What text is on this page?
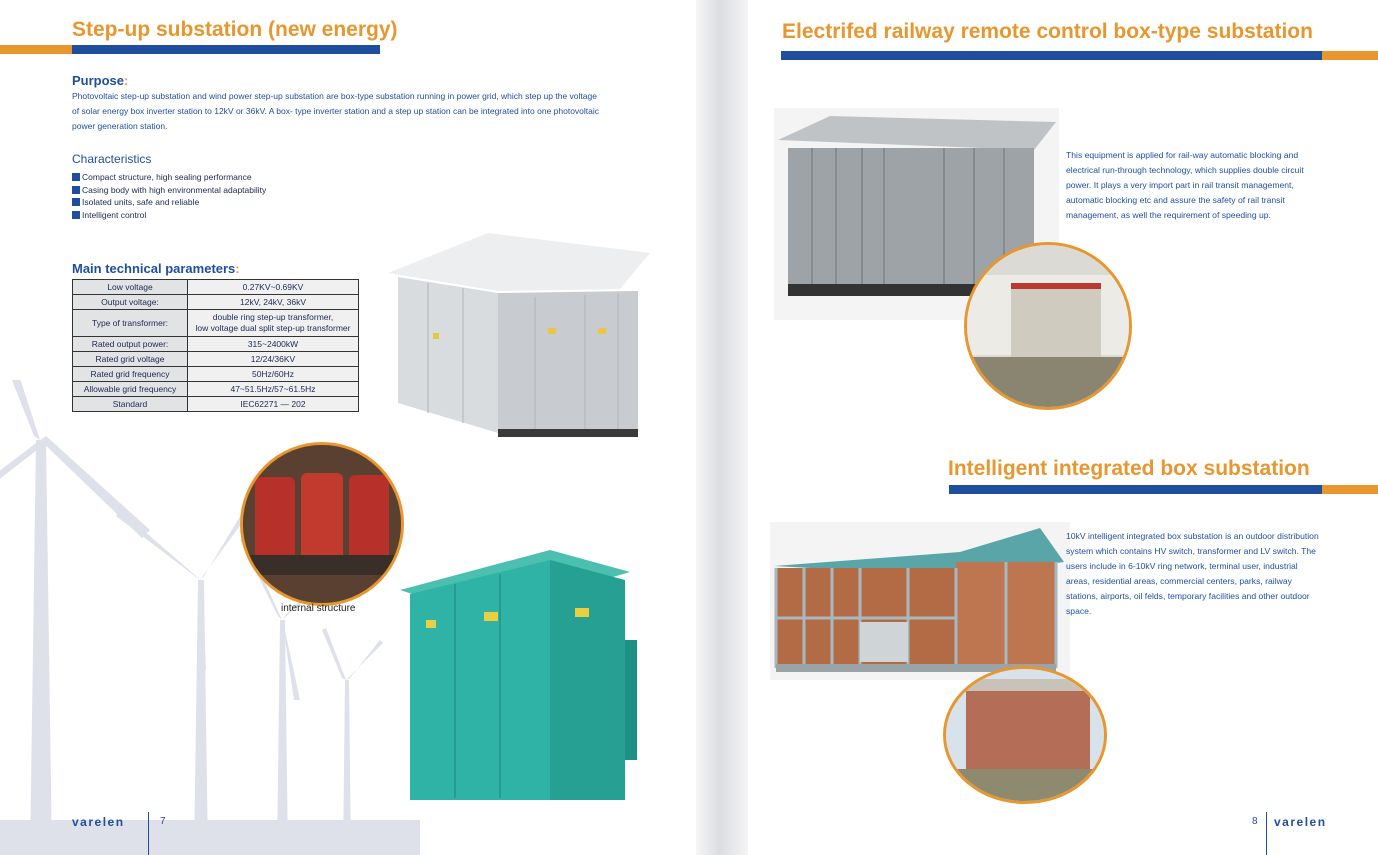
Step-up substation (new energy)
Purpose:
Photovoltaic step-up substation and wind power step-up substation are box-type substation running in power grid, which step up the voltage
of solar energy box inverter station to 12kV or 36kV. A box- type inverter station and a step up station can be integrated into one photovoltaic
power generation station.
Characteristics
Compact structure, high sealing performance
Casing body with high environmental adaptability
Isolated units, safe and reliable
Intelligent control
Main technical parameters:
Low voltage	0.27KV~0.69KV
Output voltage:	12kV, 24kV, 36kV
Type of transformer:	double ring step-up transformer,
low voltage dual split step-up transformer

Rated output power:	315~2400kW
Rated grid voltage	12/24/36KV
Rated grid frequency	50Hz/60Hz
Allowable grid frequency	47~51.5Hz/57~61.5Hz
Standard	IEC62271 — 202
internal structure
varelen	7
Electrifed railway remote control box-type substation
This equipment is applied for rail-way automatic blocking and
electrical run-through technology, which supplies double circuit
power. It plays a very import part in rail transit management,
automatic blocking etc and assure the safety of rail transit
management, as well the requirement of speeding up.
Intelligent integrated box substation
10kV intelligent integrated box substation is an outdoor distribution
system which contains HV switch, transformer and LV switch. The
users include in 6-10kV ring network, terminal user, industrial
areas, residential areas, commercial centers, parks, railway
stations, airports, oil felds, temporary facilities and other outdoor
space.
8 varelen
